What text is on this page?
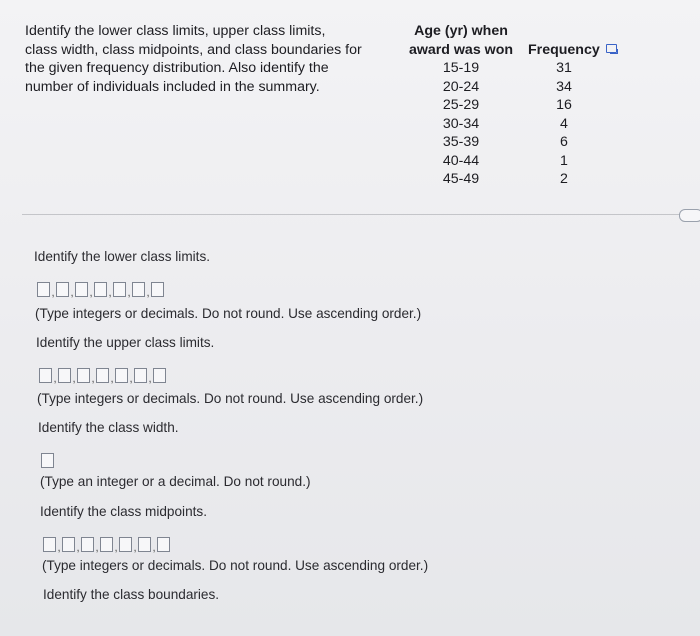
Identify the lower class limits, upper class limits,
class width, class midpoints, and class boundaries for
the given frequency distribution. Also identify the
number of individuals included in the summary.
Age (yr) when
award was won	Frequency
15-19	31
20-24	34
25-29	16
30-34	4
35-39	6
40-44	1
45-49	2
Identify the lower class limits.
, , , , , ,
(Type integers or decimals. Do not round. Use ascending order.)
Identify the upper class limits.
, , , , , ,
(Type integers or decimals. Do not round. Use ascending order.)
Identify the class width.
(Type an integer or a decimal. Do not round.)
Identify the class midpoints.
, , , , , ,
(Type integers or decimals. Do not round. Use ascending order.)
Identify the class boundaries.
